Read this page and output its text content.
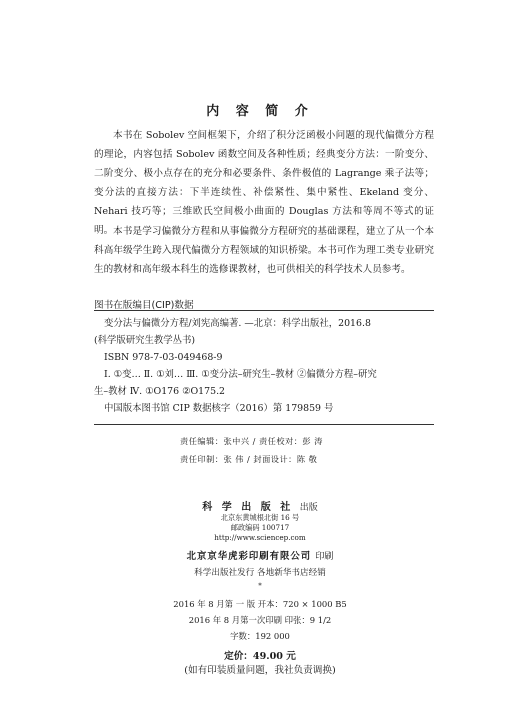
内 容 简 介

本书在 Sobolev 空间框架下，介绍了积分泛函极小问题的现代偏微分方程的理论，内容包括 Sobolev 函数空间及各种性质；经典变分方法：一阶变分、二阶变分、极小点存在的充分和必要条件、条件极值的 Lagrange 乘子法等；变分法的直接方法：下半连续性、补偿紧性、集中紧性、Ekeland 变分、Nehari 技巧等；三维欧氏空间极小曲面的 Douglas 方法和等周不等式的证明。 本书是学习偏微分方程和从事偏微分方程研究的基础课程，建立了从一个本科高年级学生跨入现代偏微分方程领域的知识桥梁。本书可作为理工类专业研究生的教材和高年级本科生的选修课教材，也可供相关的科学技术人员参考。

图书在版编目(CIP)数据
变分法与偏微分方程/刘宪高编著. —北京：科学出版社，2016.8
(科学版研究生教学丛书)
ISBN 978-7-03-049468-9
Ⅰ. ①变… Ⅱ. ①刘… Ⅲ. ①变分法–研究生–教材 ②偏微分方程–研究
生–教材 Ⅳ. ①O176 ②O175.2
中国版本图书馆 CIP 数据核字（2016）第 179859 号
责任编辑：张中兴 / 责任校对：彭 涛
责任印制：张 伟 / 封面设计：陈 敬
科 学 出 版 社 出版
北京东黄城根北街 16 号
邮政编码 100717
http://www.sciencep.com
北京京华虎彩印刷有限公司 印刷
科学出版社发行 各地新华书店经销
*
2016 年 8 月第 一 版 开本：720 × 1000 B5
2016 年 8 月第一次印刷 印张：9 1/2
字数：192 000
定价：49.00 元
(如有印装质量问题，我社负责调换)
